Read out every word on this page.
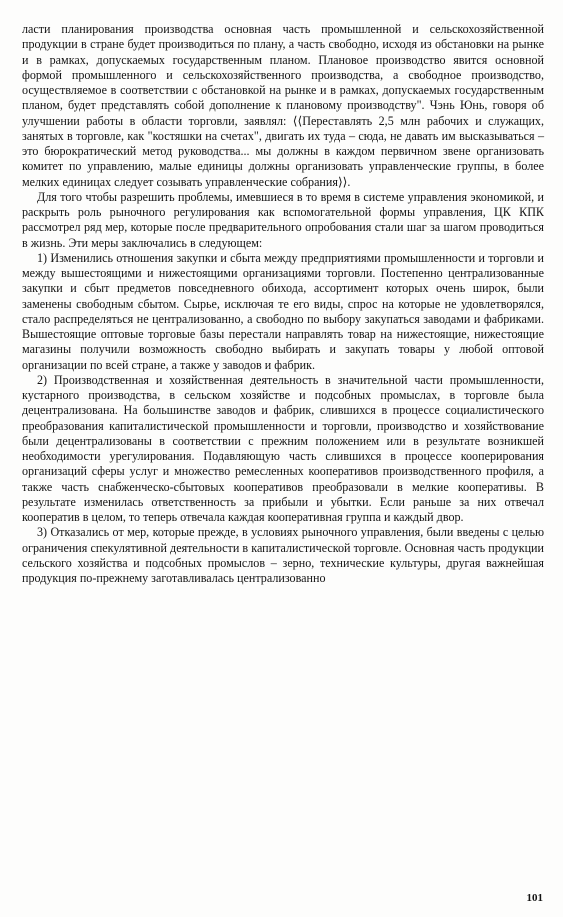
ласти планирования производства основная часть промышленной и сельскохозяйственной продукции в стране будет производиться по плану, а часть свободно, исходя из обстановки на рынке и в рамках, допускаемых государственным планом. Плановое производство явится основной формой промышленного и сельскохозяйственного производства, а свободное производство, осуществляемое в соответствии с обстановкой на рынке и в рамках, допускаемых государственным планом, будет представлять собой дополнение к плановому производству". Чэнь Юнь, говоря об улучшении работы в области торговли, заявлял: ⟨⟨Переставлять 2,5 млн рабочих и служащих, занятых в торговле, как "костяшки на счетах", двигать их туда – сюда, не давать им высказываться – это бюрократический метод руководства... мы должны в каждом первичном звене организовать комитет по управлению, малые единицы должны организовать управленческие группы, в более мелких единицах следует созывать управленческие собрания⟩⟩.

Для того чтобы разрешить проблемы, имевшиеся в то время в системе управления экономикой, и раскрыть роль рыночного регулирования как вспомогательной формы управления, ЦК КПК рассмотрел ряд мер, которые после предварительного опробования стали шаг за шагом проводиться в жизнь. Эти меры заключались в следующем:

1) Изменились отношения закупки и сбыта между предприятиями промышленности и торговли и между вышестоящими и нижестоящими организациями торговли. Постепенно централизованные закупки и сбыт предметов повседневного обихода, ассортимент которых очень широк, были заменены свободным сбытом. Сырье, исключая те его виды, спрос на которые не удовлетворялся, стало распределяться не централизованно, а свободно по выбору закупаться заводами и фабриками. Вышестоящие оптовые торговые базы перестали направлять товар на нижестоящие, нижестоящие магазины получили возможность свободно выбирать и закупать товары у любой оптовой организации по всей стране, а также у заводов и фабрик.

2) Производственная и хозяйственная деятельность в значительной части промышленности, кустарного производства, в сельском хозяйстве и подсобных промыслах, в торговле была децентрализована. На большинстве заводов и фабрик, слившихся в процессе социалистического преобразования капиталистической промышленности и торговли, производство и хозяйствование были децентрализованы в соответствии с прежним положением или в результате возникшей необходимости урегулирования. Подавляющую часть слившихся в процессе кооперирования организаций сферы услуг и множество ремесленных кооперативов производственного профиля, а также часть снабженческо-сбытовых кооперативов преобразовали в мелкие кооперативы. В результате изменилась ответственность за прибыли и убытки. Если раньше за них отвечал кооператив в целом, то теперь отвечала каждая кооперативная группа и каждый двор.

3) Отказались от мер, которые прежде, в условиях рыночного управления, были введены с целью ограничения спекулятивной деятельности в капиталистической торговле. Основная часть продукции сельского хозяйства и подсобных промыслов – зерно, технические культуры, другая важнейшая продукция по-прежнему заготавливалась централизованно

101
